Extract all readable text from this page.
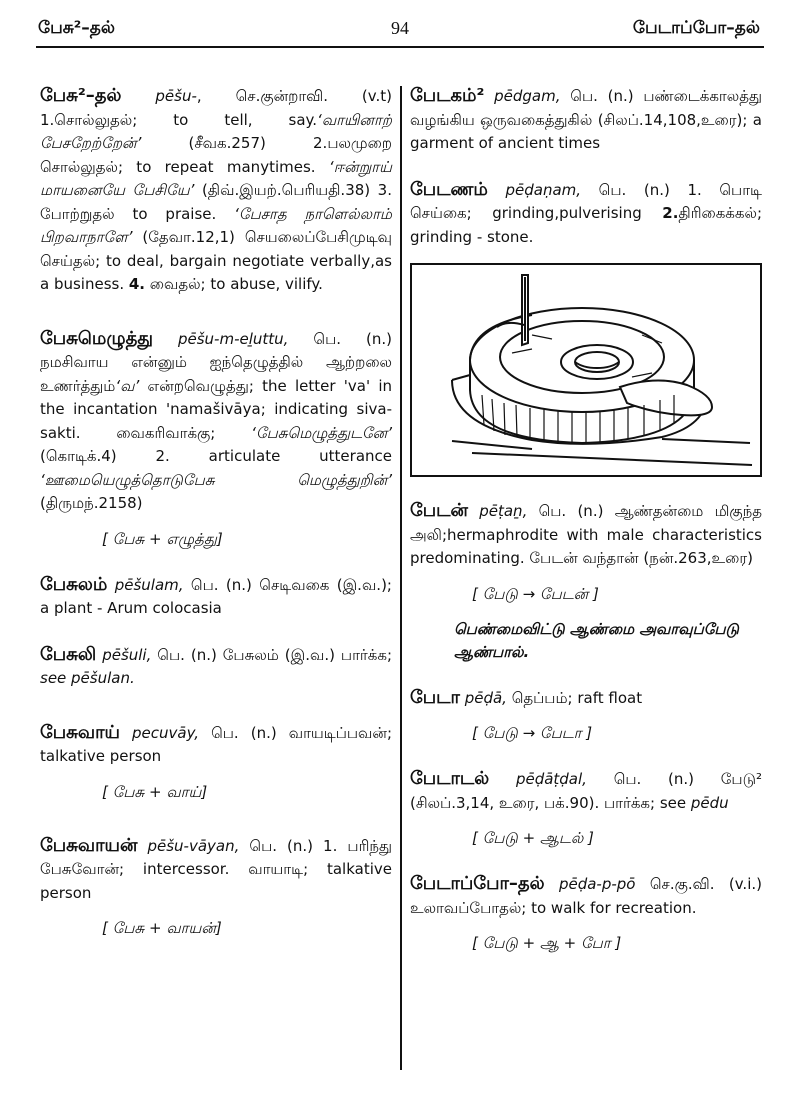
பேசு²–தல்	94	பேடாப்போ–தல்

பேசு²–தல் pēšu-, செ.குன்றாவி. (v.t) 1.சொல்லுதல்; to tell, say.‘வாயினாற் பேசறேற்றேன்’ (சீவக.257) 2.பலமுறை சொல்லுதல்; to repeat manytimes. ‘ஈன்றுாய் மாயனையே பேசியே’ (திவ்.இயற்.பெரியதி.38) 3. போற்றுதல் to praise. ‘பேசாத நாளெல்லாம் பிறவாநாளே’ (தேவா.12,1) செயலைப்பேசிமுடிவு செய்தல்; to deal, bargain negotiate verbally,as a business. 4. வைதல்; to abuse, vilify.

பேசுமெழுத்து pēšu-m-eḻuttu, பெ. (n.) நமசிவாய என்னும் ஐந்தெழுத்தில் ஆற்றலை உணர்த்தும்‘வ’ என்றவெழுத்து; the letter 'va' in the incantation 'namašivāya; indicating siva- sakti. வைகரிவாக்கு; ‘பேசுமெழுத்துடனே’ (கொடிக்.4) 2. articulate utterance ‘ஊமையெழுத்தொடுபேசு மெழுத்துறின்’ (திருமந்.2158)

[ பேசு + எழுத்து]

பேசுலம் pēšulam, பெ. (n.) செடிவகை (இ.வ.); a plant - Arum colocasia

பேசுலி pēšuli, பெ. (n.) பேசுலம் (இ.வ.) பார்க்க; see pēšulan.

பேசுவாய் pecuvāy, பெ. (n.) வாயடிப்பவன்; talkative person

[ பேசு + வாய்]

பேசுவாயன் pēšu-vāyan, பெ. (n.) 1. பரிந்து பேசுவோன்; intercessor. வாயாடி; talkative person

[ பேசு + வாயன்]

பேடகம்² pēdgam, பெ. (n.) பண்டைக்காலத்து வழங்கிய ஒருவகைத்துகில் (சிலப்.14,108,உரை); a garment of ancient times

பேடணம் pēḍaṇam, பெ. (n.) 1. பொடி செய்கை; grinding,pulverising 2.திரிகைக்கல்; grinding - stone.

பேடன் pēṭaṉ, பெ. (n.) ஆண்தன்மை மிகுந்த அலி;hermaphrodite with male characteristics predominating. பேடன் வந்தான் (நன்.263,உரை)

[ பேடு → பேடன் ]

பெண்மைவிட்டு ஆண்மை அவாவுப்பேடு ஆண்பால்.

பேடா pēḍā, தெப்பம்; raft float

[ பேடு → பேடா ]

பேடாடல் pēḍāṭḍal, பெ. (n.) பேடு² (சிலப்.3,14, உரை, பக்.90). பார்க்க; see pēdu

[ பேடு + ஆடல் ]

பேடாப்போ–தல் pēḍa-p-pō செ.கு.வி. (v.i.) உலாவப்போதல்; to walk for recreation.

[ பேடு + ஆ + போ ]
